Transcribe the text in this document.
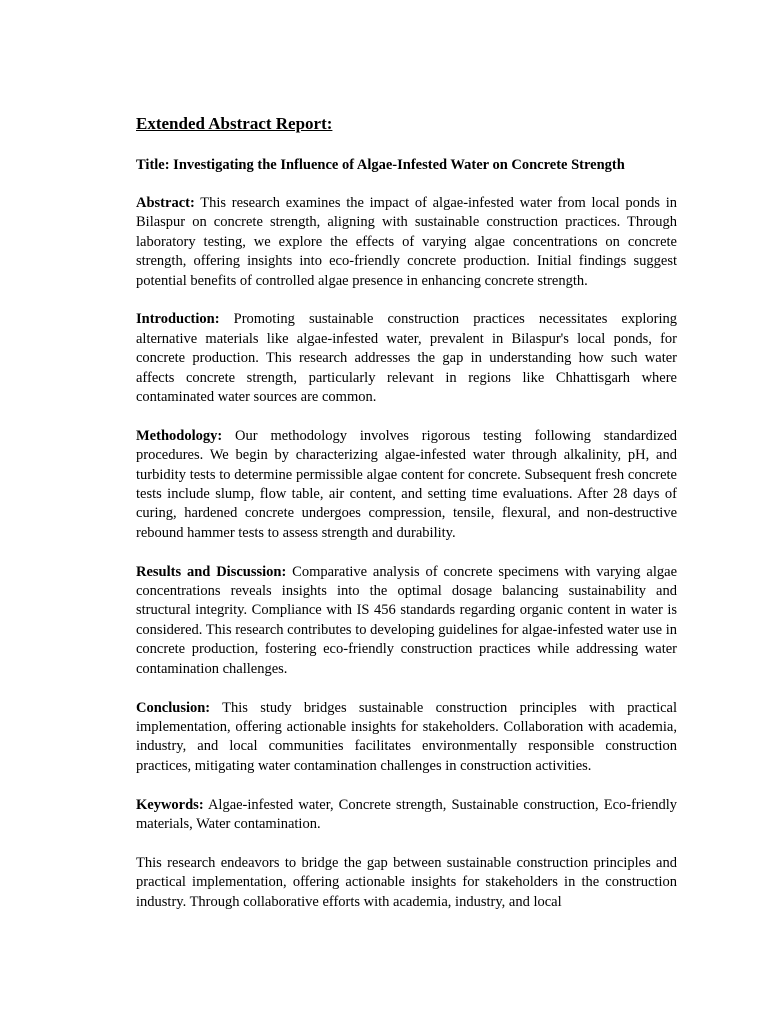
Extended Abstract Report:
Title: Investigating the Influence of Algae-Infested Water on Concrete Strength

Abstract: This research examines the impact of algae-infested water from local ponds in Bilaspur on concrete strength, aligning with sustainable construction practices. Through laboratory testing, we explore the effects of varying algae concentrations on concrete strength, offering insights into eco-friendly concrete production. Initial findings suggest potential benefits of controlled algae presence in enhancing concrete strength.

Introduction: Promoting sustainable construction practices necessitates exploring alternative materials like algae-infested water, prevalent in Bilaspur's local ponds, for concrete production. This research addresses the gap in understanding how such water affects concrete strength, particularly relevant in regions like Chhattisgarh where contaminated water sources are common.

Methodology: Our methodology involves rigorous testing following standardized procedures. We begin by characterizing algae-infested water through alkalinity, pH, and turbidity tests to determine permissible algae content for concrete. Subsequent fresh concrete tests include slump, flow table, air content, and setting time evaluations. After 28 days of curing, hardened concrete undergoes compression, tensile, flexural, and non-destructive rebound hammer tests to assess strength and durability.

Results and Discussion: Comparative analysis of concrete specimens with varying algae concentrations reveals insights into the optimal dosage balancing sustainability and structural integrity. Compliance with IS 456 standards regarding organic content in water is considered. This research contributes to developing guidelines for algae-infested water use in concrete production, fostering eco-friendly construction practices while addressing water contamination challenges.

Conclusion: This study bridges sustainable construction principles with practical implementation, offering actionable insights for stakeholders. Collaboration with academia, industry, and local communities facilitates environmentally responsible construction practices, mitigating water contamination challenges in construction activities.

Keywords: Algae-infested water, Concrete strength, Sustainable construction, Eco-friendly materials, Water contamination.

This research endeavors to bridge the gap between sustainable construction principles and practical implementation, offering actionable insights for stakeholders in the construction industry. Through collaborative efforts with academia, industry, and local
